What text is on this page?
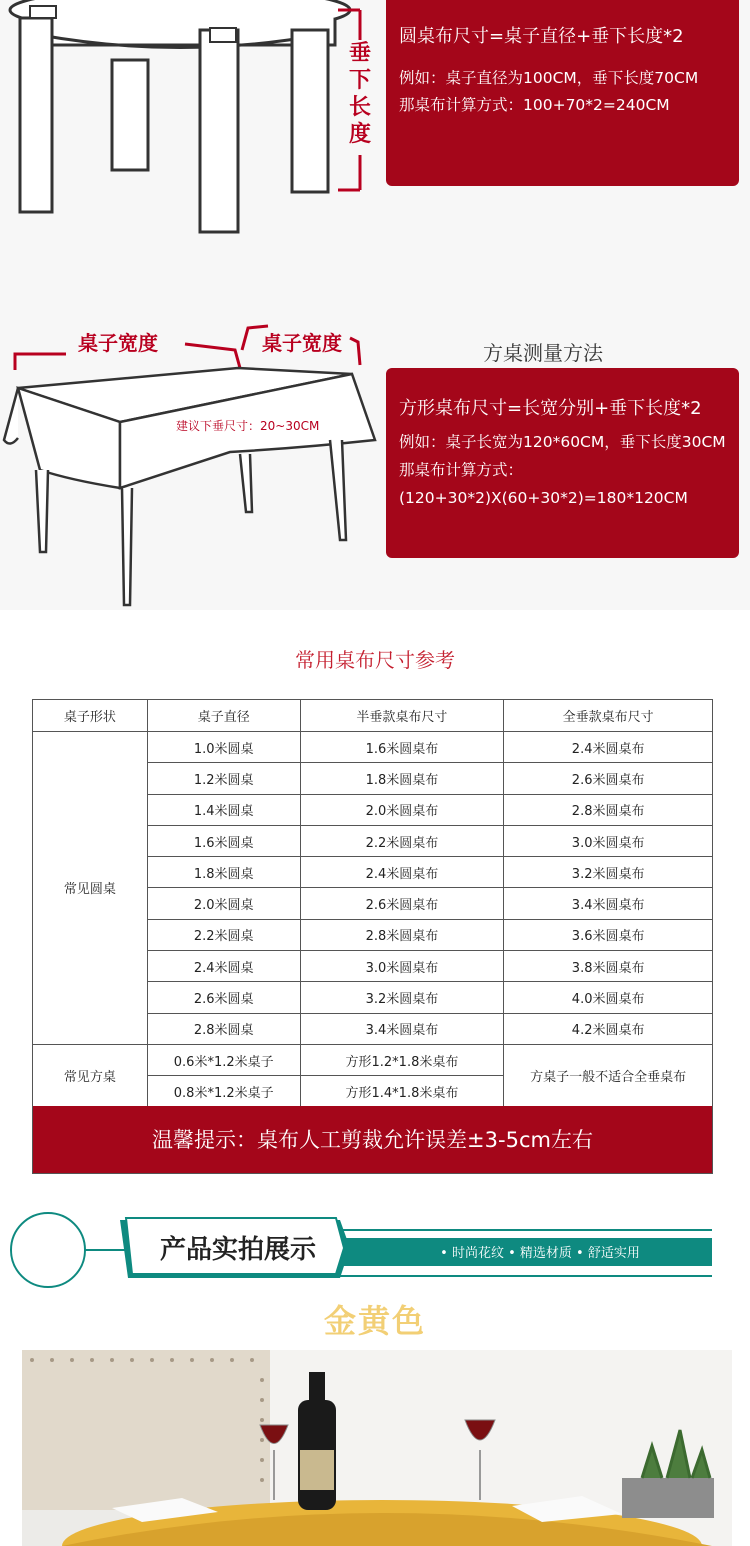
垂
下
长
度
圆桌布尺寸=桌子直径+垂下长度*2
例如：桌子直径为100CM，垂下长度70CM
那桌布计算方式：100+70*2=240CM
桌子宽度	桌子宽度
建议下垂尺寸：20~30CM
方桌测量方法
方形桌布尺寸=长宽分别+垂下长度*2
例如：桌子长宽为120*60CM，垂下长度30CM 那桌布计算方式：(120+30*2)X(60+30*2)=180*120CM
常用桌布尺寸参考
桌子形状	桌子直径	半垂款桌布尺寸	全垂款桌布尺寸
常见圆桌	1.0米圆桌	1.6米圆桌布	2.4米圆桌布
	1.2米圆桌	1.8米圆桌布	2.6米圆桌布
	1.4米圆桌	2.0米圆桌布	2.8米圆桌布
	1.6米圆桌	2.2米圆桌布	3.0米圆桌布
	1.8米圆桌	2.4米圆桌布	3.2米圆桌布
	2.0米圆桌	2.6米圆桌布	3.4米圆桌布
	2.2米圆桌	2.8米圆桌布	3.6米圆桌布
	2.4米圆桌	3.0米圆桌布	3.8米圆桌布
	2.6米圆桌	3.2米圆桌布	4.0米圆桌布
	2.8米圆桌	3.4米圆桌布	4.2米圆桌布
常见方桌	0.6米*1.2米桌子	方形1.2*1.8米桌布	方桌子一般不适合全垂桌布
	0.8米*1.2米桌子	方形1.4*1.8米桌布	
温馨提示：桌布人工剪裁允许误差±3-5cm左右
产品实拍展示	• 时尚花纹 • 精选材质 • 舒适实用
金黄色
